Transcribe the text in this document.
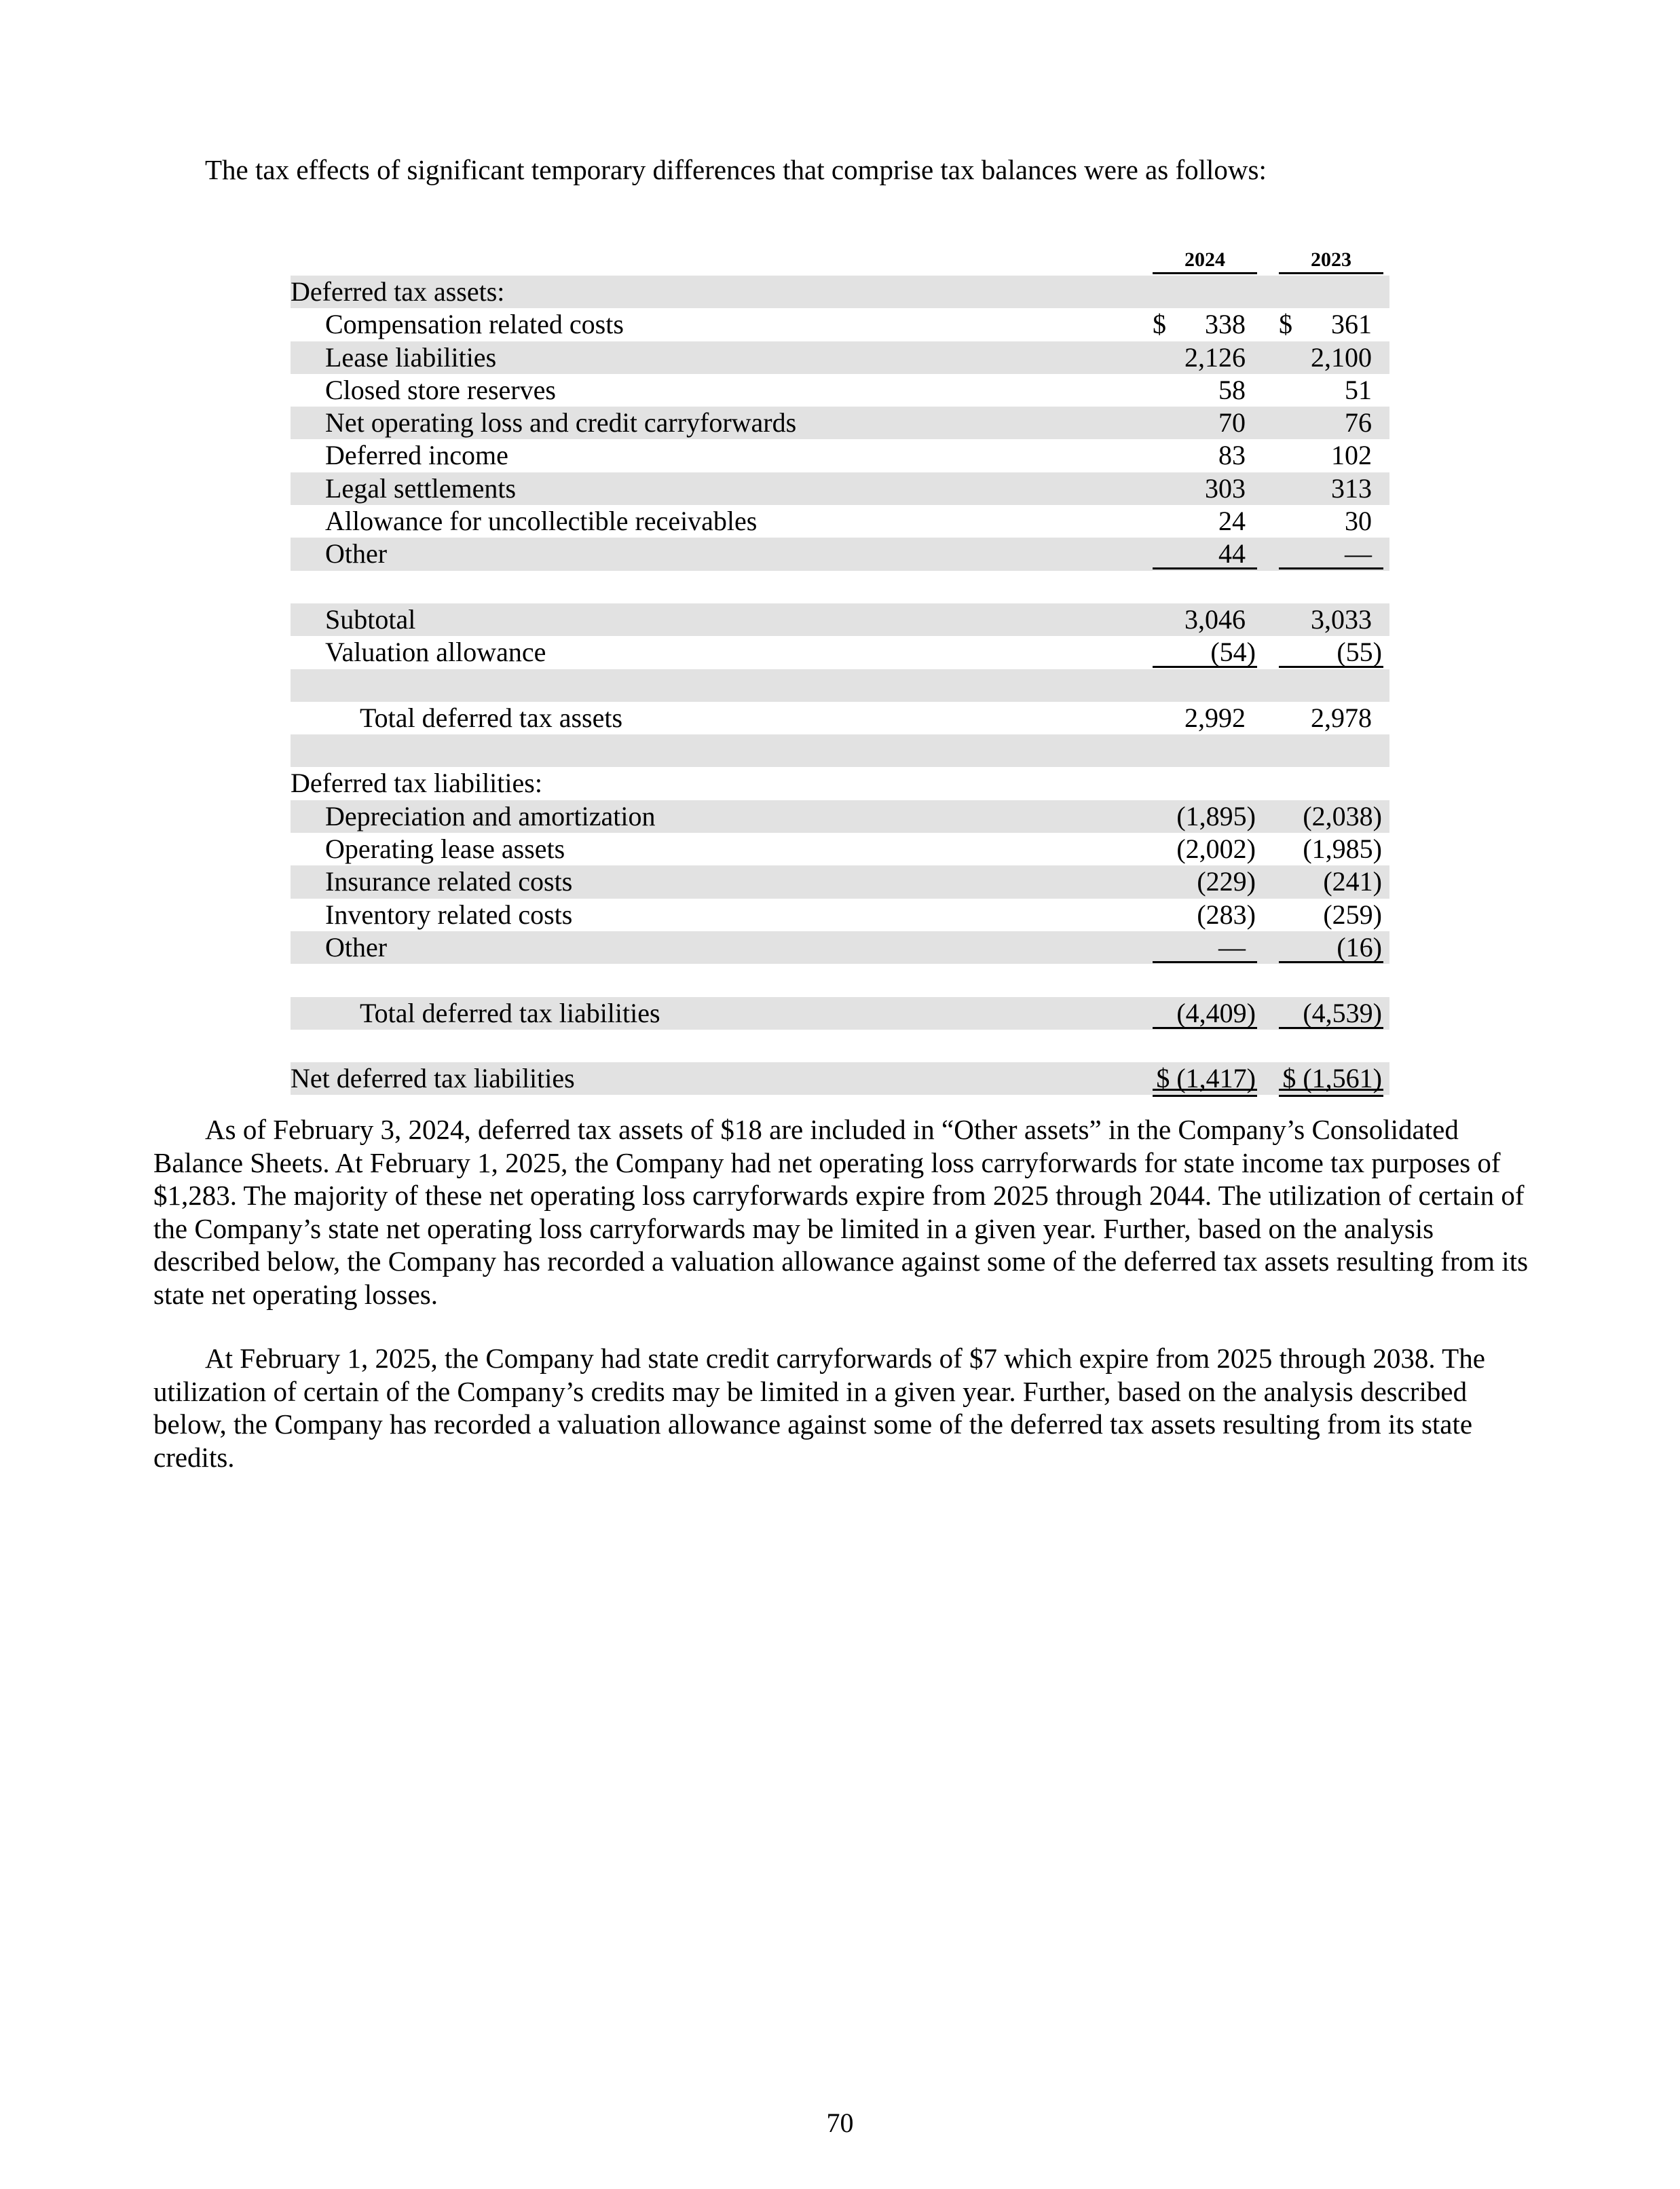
The tax effects of significant temporary differences that comprise tax balances were as follows:

2024	2023
Deferred tax assets:
Compensation related costs	$ 338 $ 361
Lease liabilities	2,126 2,100
Closed store reserves	58	51
Net operating loss and credit carryforwards	70	76
Deferred income	83	102
Legal settlements	303	313
Allowance for uncollectible receivables	24	30
Other	44	—
Subtotal	3,046 3,033
Valuation allowance	(54)	(55)
Total deferred tax assets	2,992 2,978
Deferred tax liabilities:
Depreciation and amortization	(1,895) (2,038)
Operating lease assets	(2,002) (1,985)
Insurance related costs	(229) (241)
Inventory related costs	(283) (259)
Other	—	(16)
Total deferred tax liabilities	(4,409) (4,539)
Net deferred tax liabilities	$ (1,417) $ (1,561)

As of February 3, 2024, deferred tax assets of $18 are included in “Other assets” in the Company’s Consolidated Balance Sheets. At February 1, 2025, the Company had net operating loss carryforwards for state income tax purposes of $1,283. The majority of these net operating loss carryforwards expire from 2025 through 2044. The utilization of certain of the Company’s state net operating loss carryforwards may be limited in a given year. Further, based on the analysis described below, the Company has recorded a valuation allowance against some of the deferred tax assets resulting from its state net operating losses.

At February 1, 2025, the Company had state credit carryforwards of $7 which expire from 2025 through 2038. The utilization of certain of the Company’s credits may be limited in a given year. Further, based on the analysis described below, the Company has recorded a valuation allowance against some of the deferred tax assets resulting from its state credits.

70
